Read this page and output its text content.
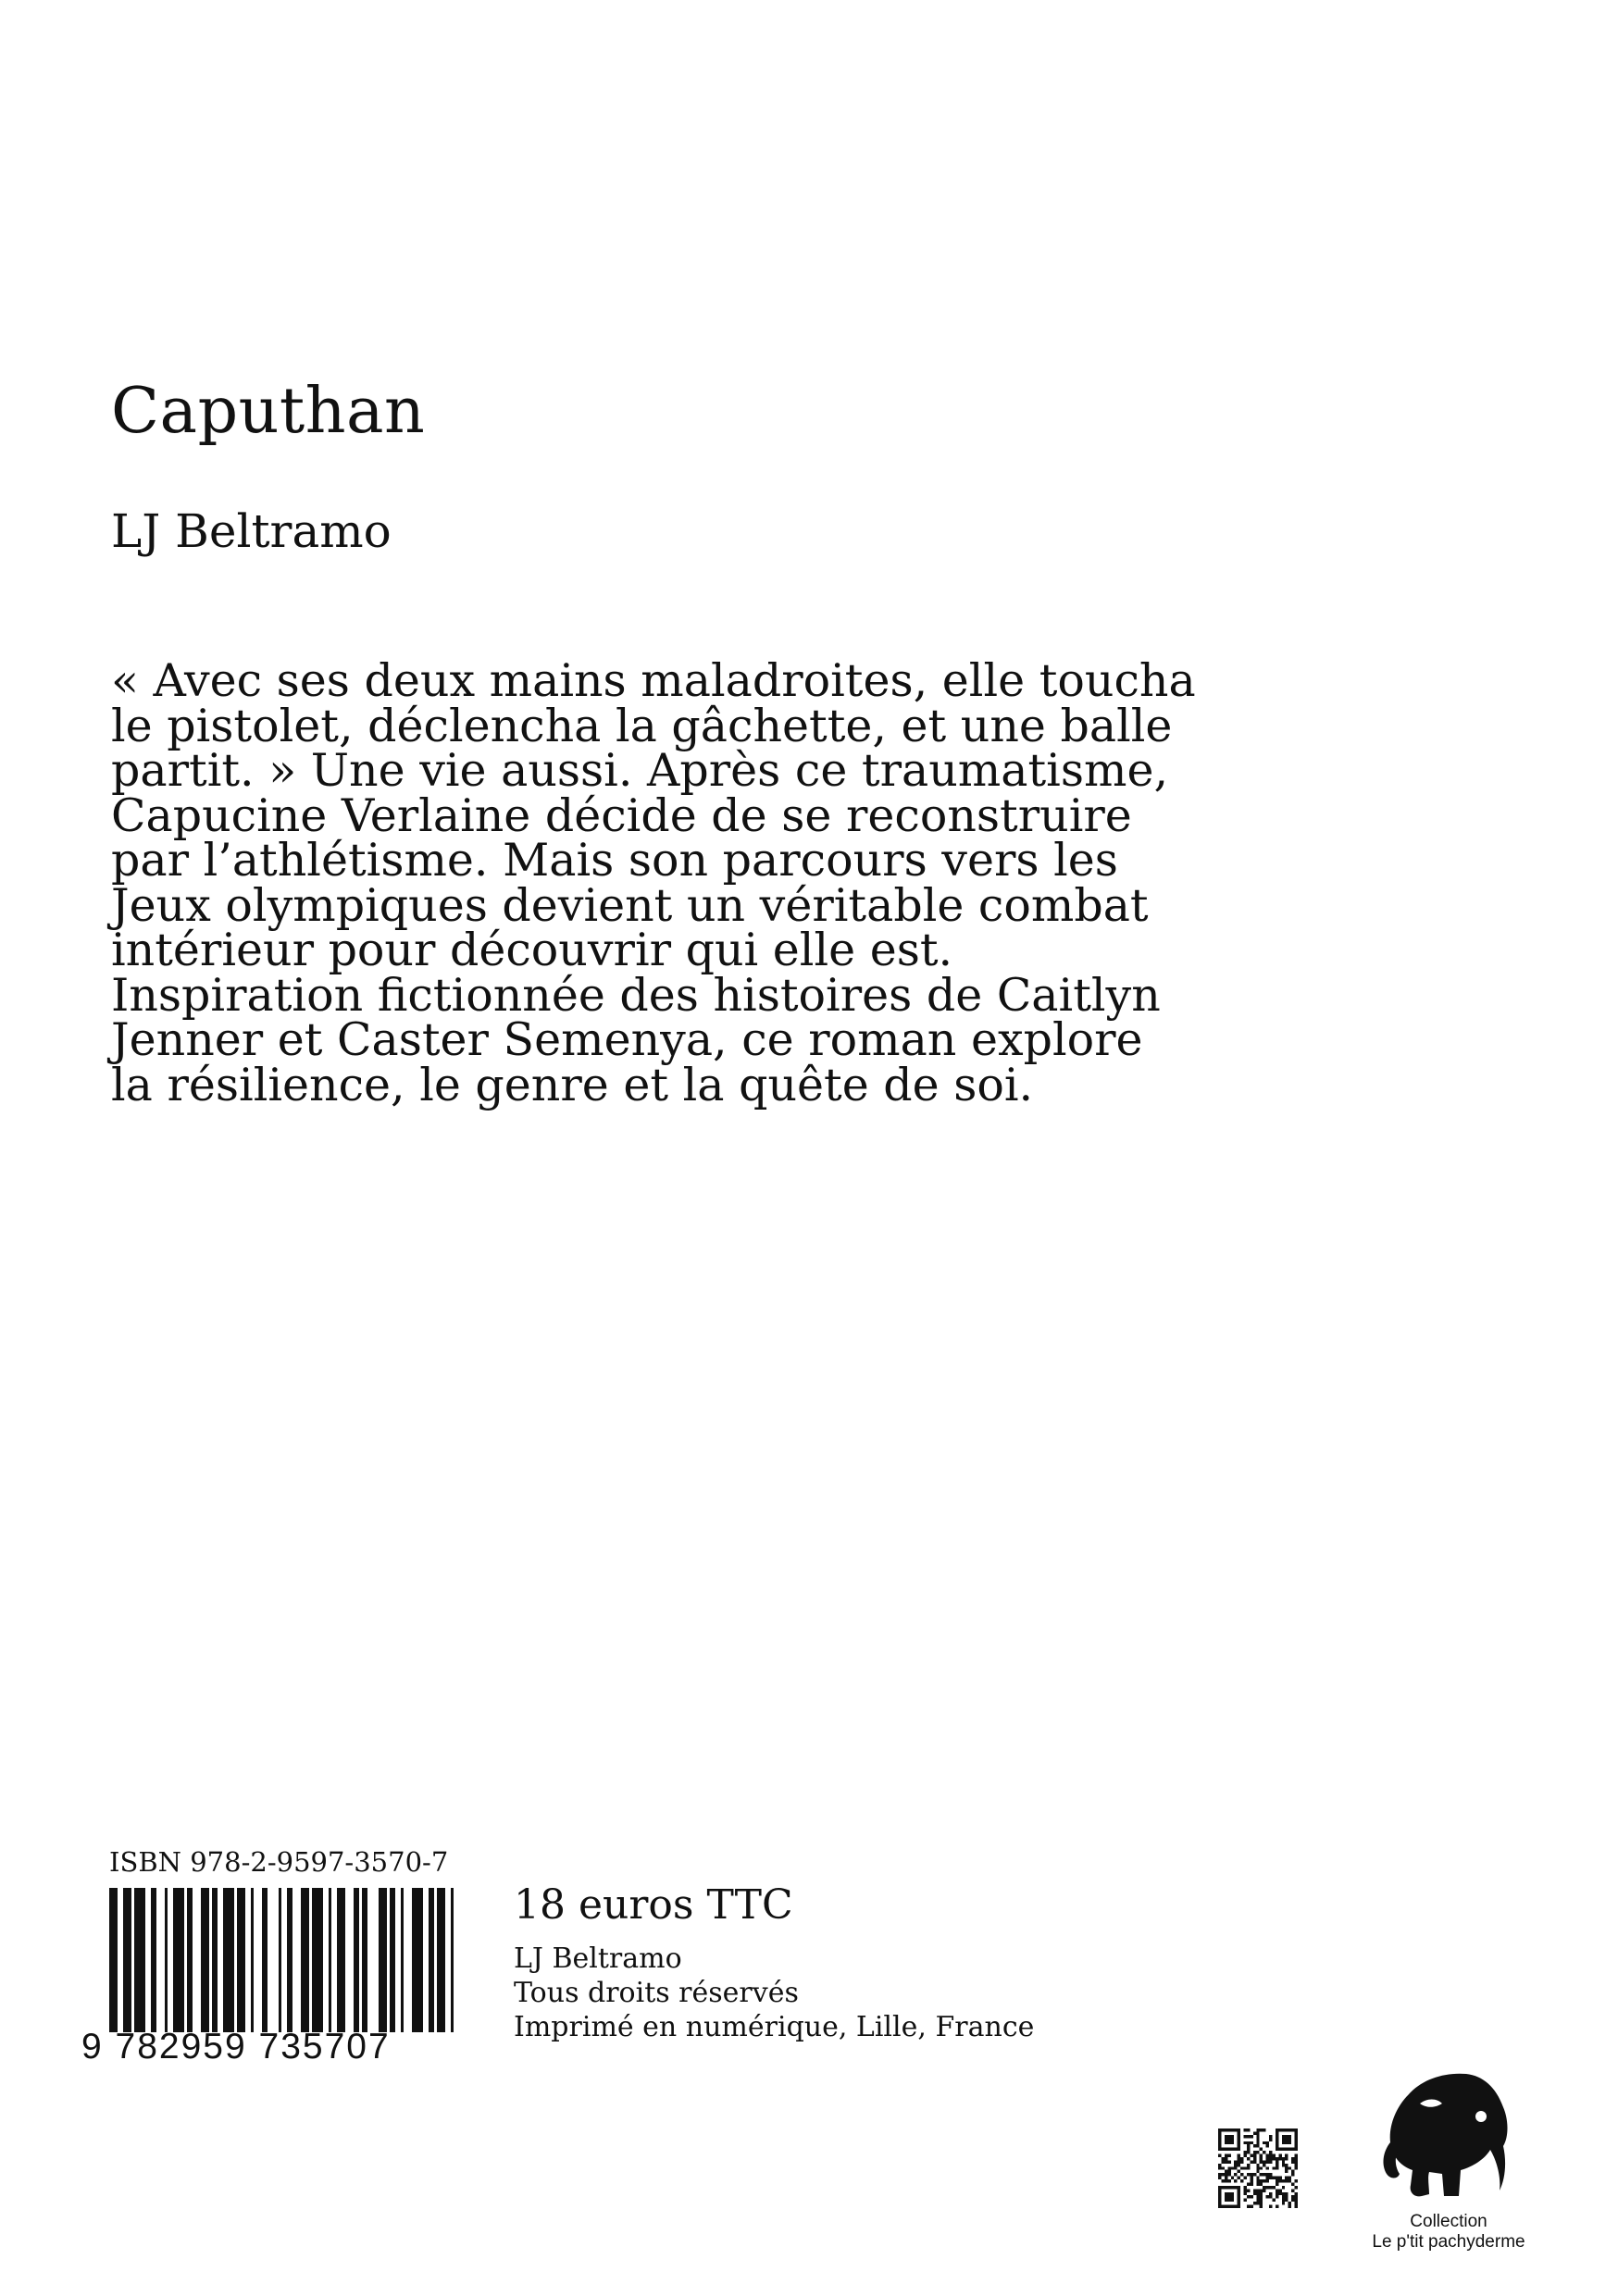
Caputhan
LJ Beltramo
« Avec ses deux mains maladroites, elle toucha
le pistolet, déclencha la gâchette, et une balle
partit. » Une vie aussi. Après ce traumatisme,
Capucine Verlaine décide de se reconstruire
par l’athlétisme. Mais son parcours vers les
Jeux olympiques devient un véritable combat
intérieur pour découvrir qui elle est.
Inspiration fictionnée des histoires de Caitlyn
Jenner et Caster Semenya, ce roman explore
la résilience, le genre et la quête de soi.
ISBN 978-2-9597-3570-7
9 782959 735707
18 euros TTC
LJ Beltramo
Tous droits réservés
Imprimé en numérique, Lille, France
Collection
Le p'tit pachyderme
